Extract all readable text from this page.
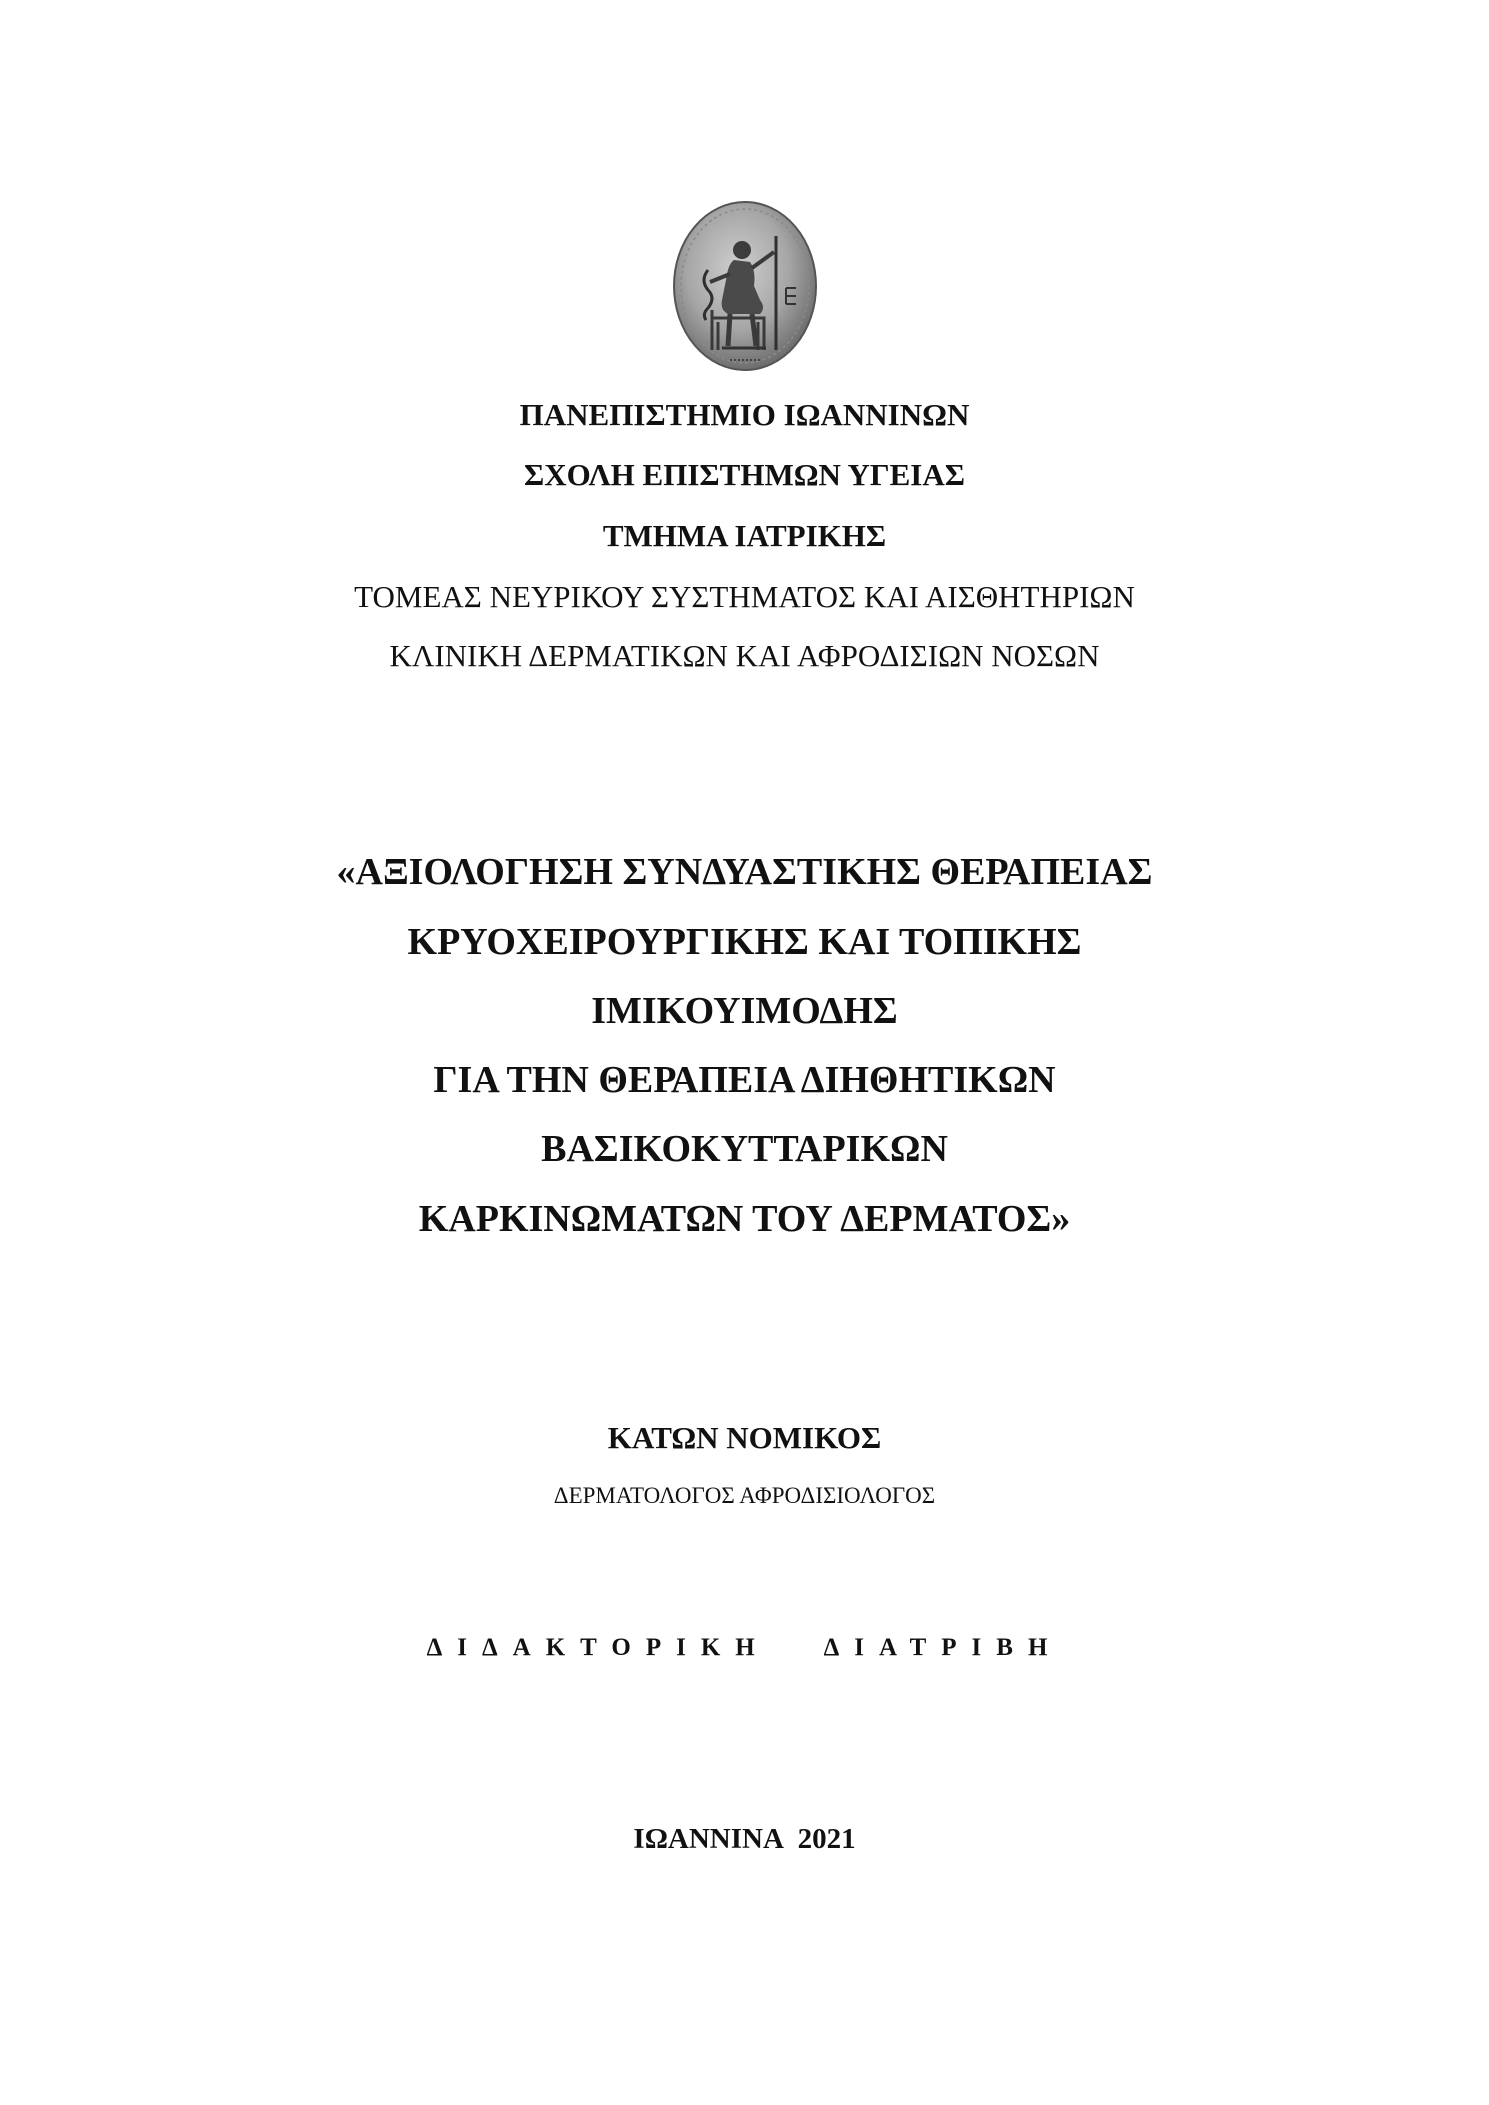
ΠΑΝΕΠΙΣΤΗΜΙΟ ΙΩΑΝΝΙΝΩΝ
ΣΧΟΛΗ ΕΠΙΣΤΗΜΩΝ ΥΓΕΙΑΣ
ΤΜΗΜΑ ΙΑΤΡΙΚΗΣ
ΤΟΜΕΑΣ ΝΕΥΡΙΚΟΥ ΣΥΣΤΗΜΑΤΟΣ ΚΑΙ ΑΙΣΘΗΤΗΡΙΩΝ
ΚΛΙΝΙΚΗ ΔΕΡΜΑΤΙΚΩΝ ΚΑΙ ΑΦΡΟΔΙΣΙΩΝ ΝΟΣΩΝ
«ΑΞΙΟΛΟΓΗΣΗ ΣΥΝΔΥΑΣΤΙΚΗΣ ΘΕΡΑΠΕΙΑΣ
ΚΡΥΟΧΕΙΡΟΥΡΓΙΚΗΣ ΚΑΙ ΤΟΠΙΚΗΣ
ΙΜΙΚΟΥΙΜΟΔΗΣ
ΓΙΑ ΤΗΝ ΘΕΡΑΠΕΙΑ ΔΙΗΘΗΤΙΚΩΝ
ΒΑΣΙΚΟΚΥΤΤΑΡΙΚΩΝ
ΚΑΡΚΙΝΩΜΑΤΩΝ ΤΟΥ ΔΕΡΜΑΤΟΣ»
ΚΑΤΩΝ ΝΟΜΙΚΟΣ
ΔΕΡΜΑΤΟΛΟΓΟΣ ΑΦΡΟΔΙΣΙΟΛΟΓΟΣ
ΔΙΔΑΚΤΟΡΙΚΗ ΔΙΑΤΡΙΒΗ
ΙΩΑΝΝΙΝΑ 2021
